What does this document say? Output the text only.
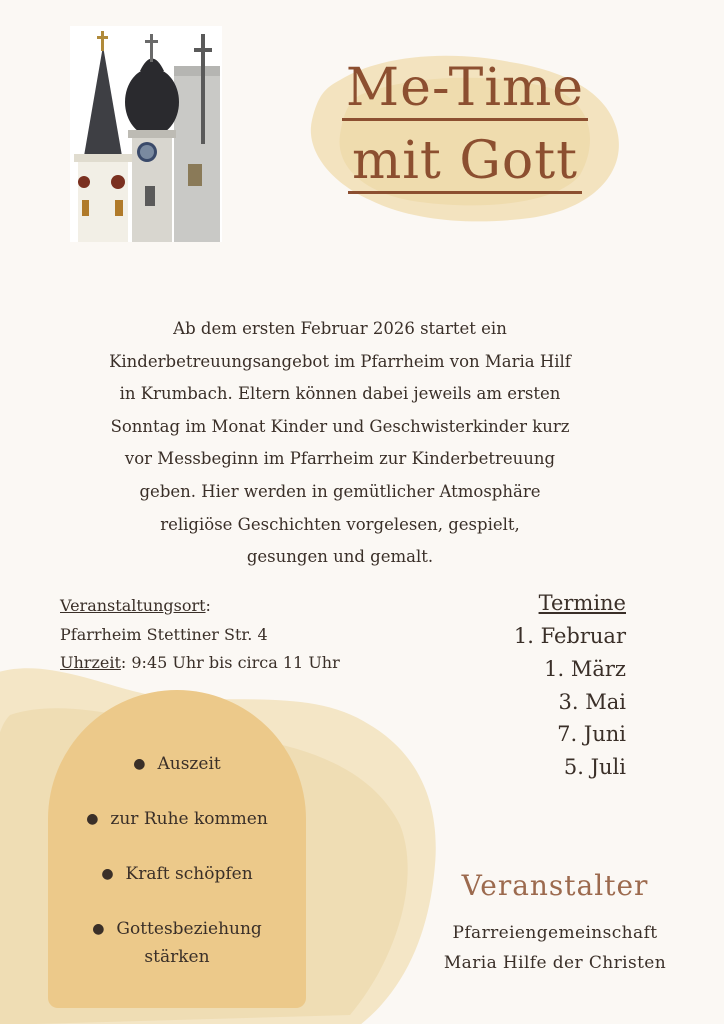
Me-Time
mit Gott
Ab dem ersten Februar 2026 startet ein
Kinderbetreuungsangebot im Pfarrheim von Maria Hilf
in Krumbach. Eltern können dabei jeweils am ersten
Sonntag im Monat Kinder und Geschwisterkinder kurz
vor Messbeginn im Pfarrheim zur Kinderbetreuung
geben. Hier werden in gemütlicher Atmosphäre
religiöse Geschichten vorgelesen, gespielt,
gesungen und gemalt.
Veranstaltungsort:
Pfarrheim Stettiner Str. 4
Uhrzeit: 9:45 Uhr bis circa 11 Uhr
Termine
1. Februar
1. März
3. Mai
7. Juni
5. Juli
● Auszeit
● zur Ruhe kommen
● Kraft schöpfen
● Gottesbeziehung
stärken
Veranstalter
Pfarreiengemeinschaft
Maria Hilfe der Christen
